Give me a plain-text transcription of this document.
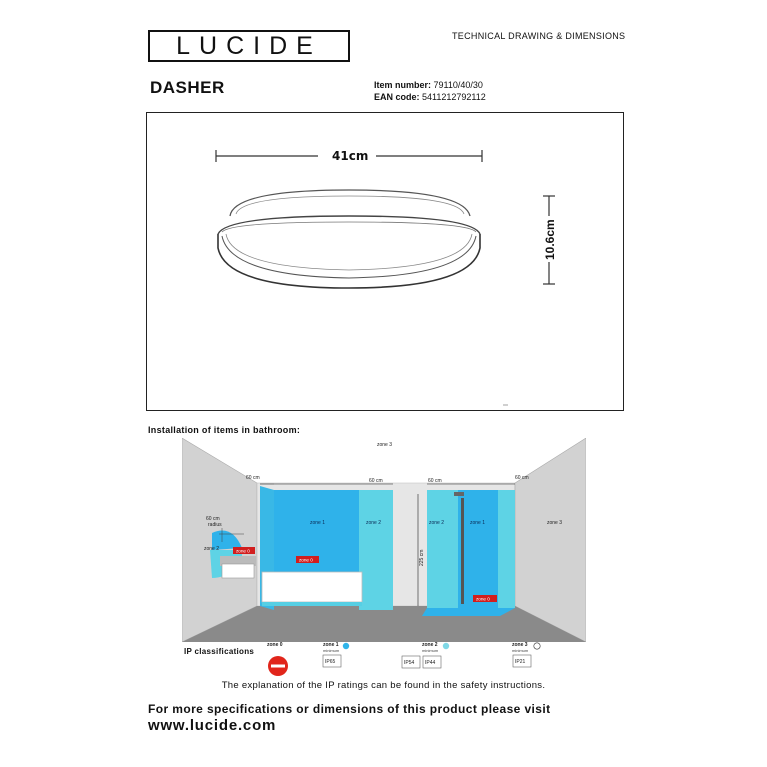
LUCIDE	TECHNICAL DRAWING & DIMENSIONS
DASHER	Item number: 79110/40/30
EAN code: 5411212792112
41cm
10.6cm
Installation of items in bathroom:
zone 3
60 cm	60 cm	60 cm	60 cm
60 cm
radius	zone 1	zone 2	zone 2	zone 1	zone 3
zone 2
225 cm
zone 0
zone 0
zone 0
IP classifications
zone 0	zone 1
minimum
IP65
zone 2
minimum
IP54 IP44
zone 3
minimum
IP21
The explanation of the IP ratings can be found in the safety instructions.
For more specifications or dimensions of this product please visit
www.lucide.com
